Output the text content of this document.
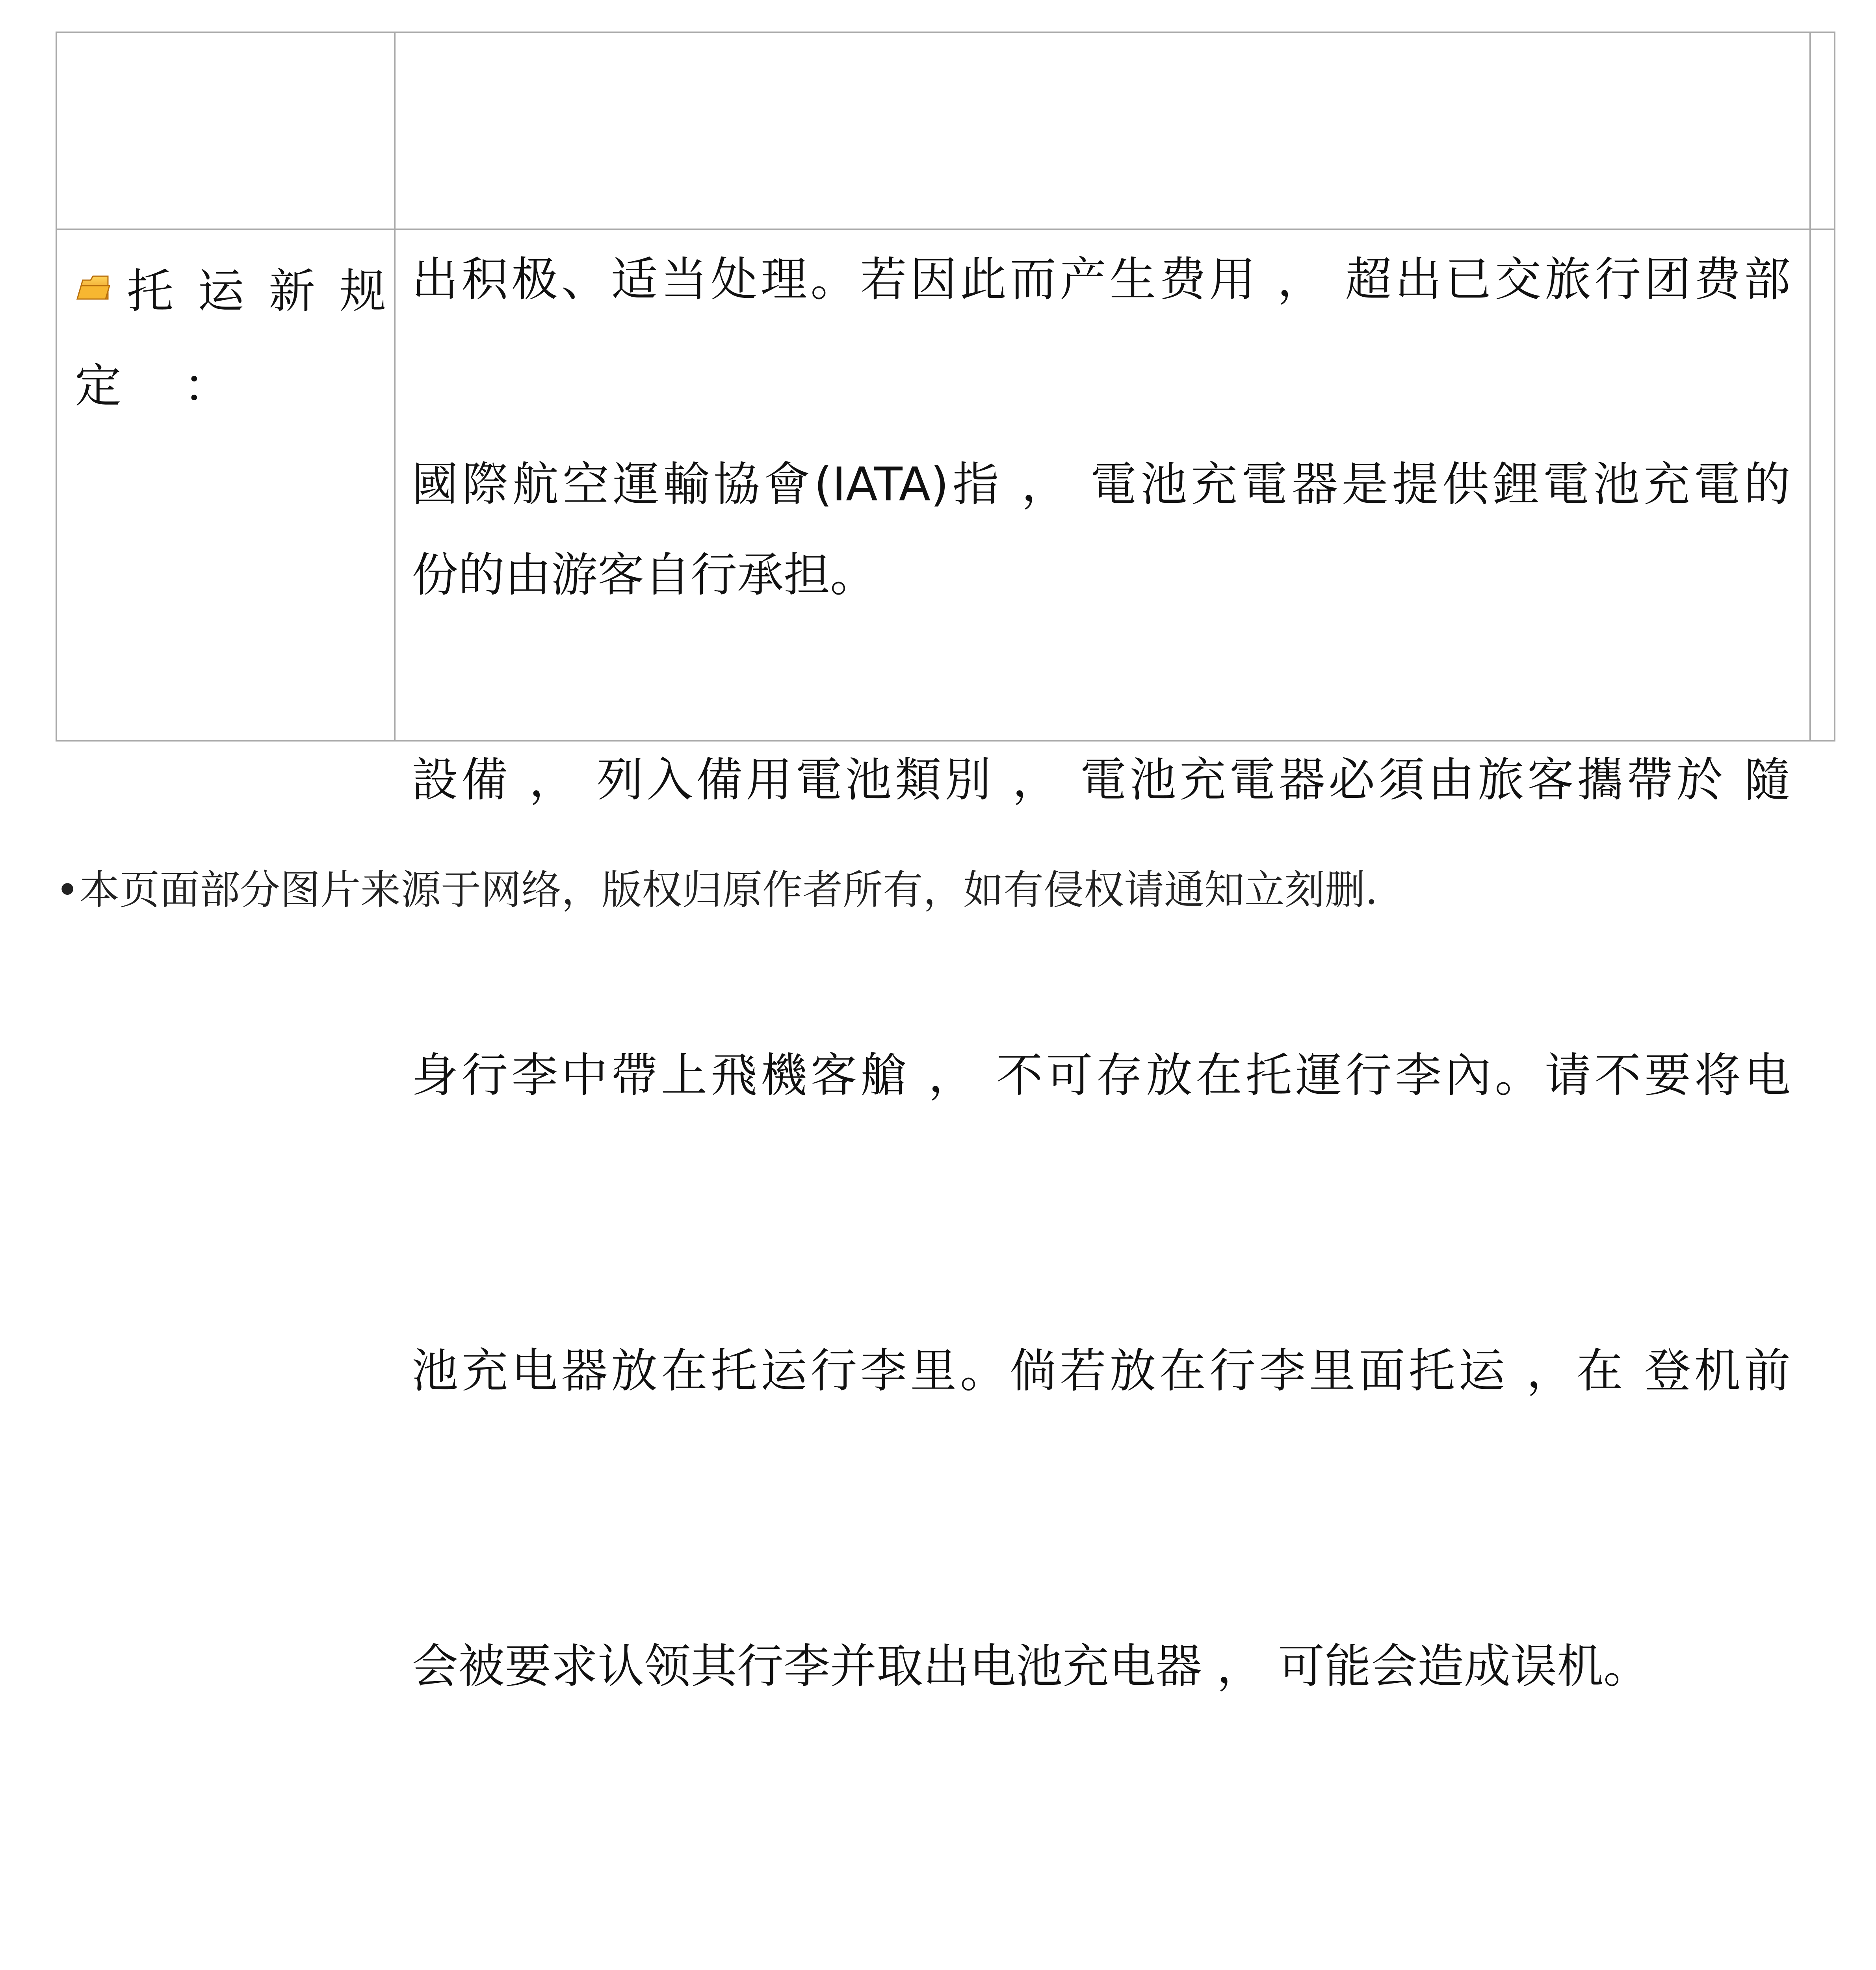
出积极、适当处理。若因此而产生费用 ， 超出已交旅行团费部

份的由游客自行承担。

托 运 新 规
定 ：

國際航空運輸協會(IATA)指 ， 電池充電器是提供鋰電池充電的

設備 ， 列入備用電池類別 ， 電池充電器必須由旅客攜帶於 隨

身行李中帶上飛機客艙 ， 不可存放在托運行李內。请不要将电

池充电器放在托运行李里。倘若放在行李里面托运 ，在 登机前

会被要求认领其行李并取出电池充电器 ， 可能会造成误机。

•本页面部分图片来源于网络，版权归原作者所有，如有侵权请通知立刻删.
